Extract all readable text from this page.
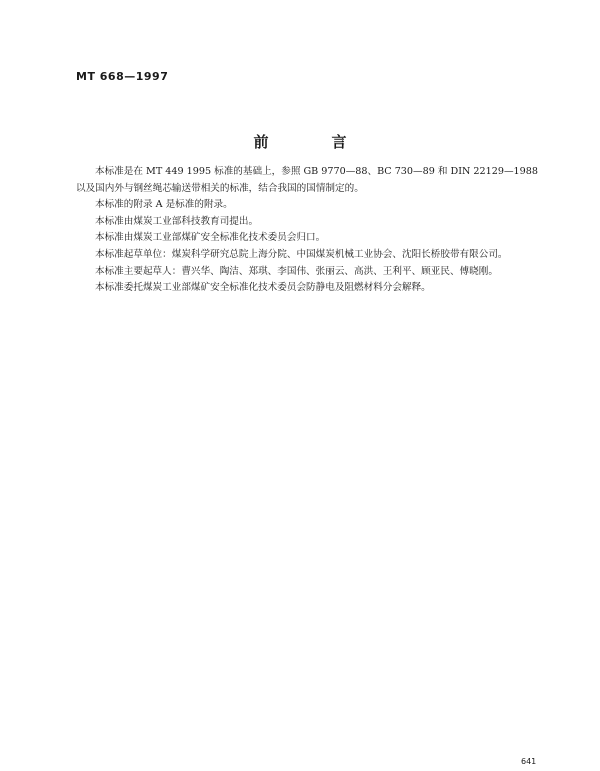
MT 668—1997
前　言

本标准是在 MT 449 1995 标准的基础上，参照 GB 9770—88、BC 730—89 和 DIN 22129—1988

以及国内外与钢丝绳芯输送带相关的标准，结合我国的国情制定的。

本标准的附录 A 是标准的附录。

本标准由煤炭工业部科技教育司提出。

本标准由煤炭工业部煤矿安全标准化技术委员会归口。

本标准起草单位：煤炭科学研究总院上海分院、中国煤炭机械工业协会、沈阳长桥胶带有限公司。

本标准主要起草人：曹兴华、陶洁、郑琪、李国伟、张丽云、高洪、王利平、顾亚民、傅晓刚。

本标准委托煤炭工业部煤矿安全标准化技术委员会防静电及阻燃材料分会解释。

641
